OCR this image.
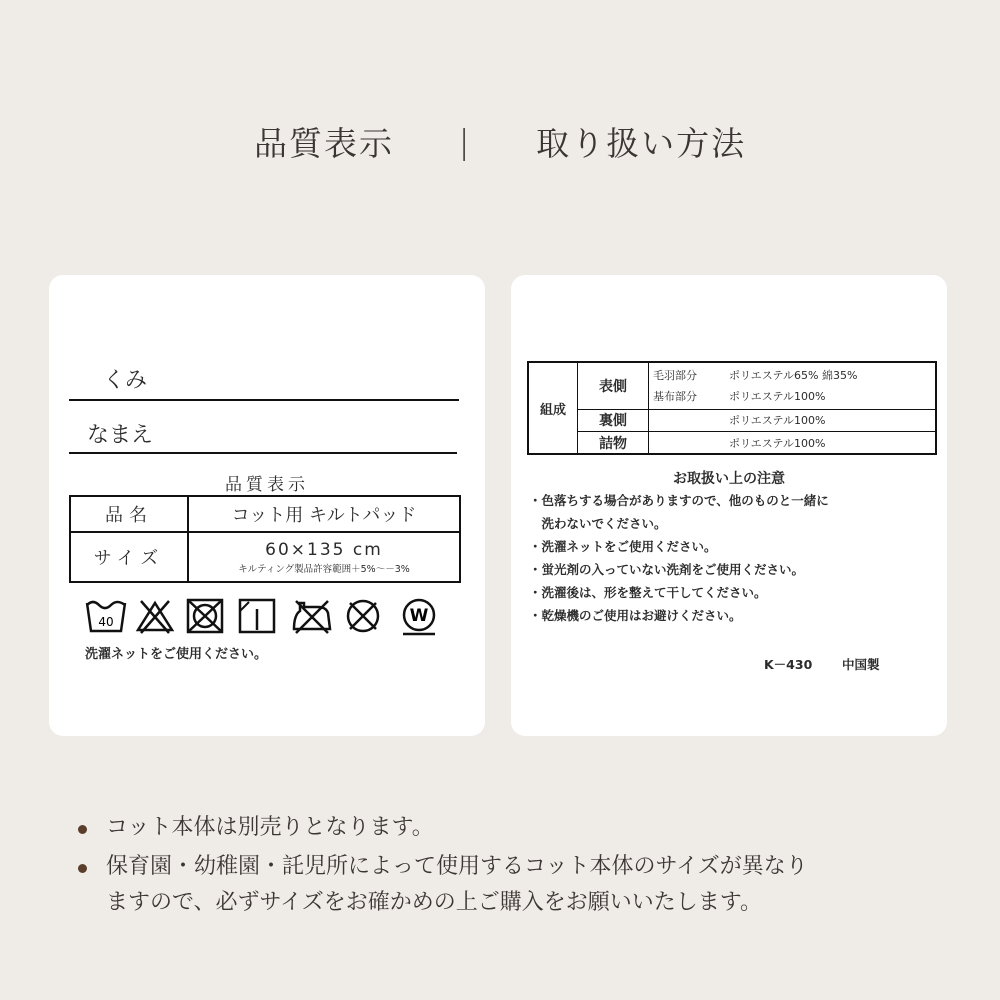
品質表示 | 取り扱い方法
くみ
なまえ
品質表示
品名	コット用 キルトパッド
サイズ	60×135 cm
キルティング製品許容範囲＋5%〜－3%
40	W
洗濯ネットをご使用ください。
組成	表側	毛羽部分 ポリエステル65% 綿35%
基布部分 ポリエステル100%

	裏側	ポリエステル100%
	詰物	ポリエステル100%
お取扱い上の注意
・色落ちする場合がありますので、他のものと一緒に
　洗わないでください。
・洗濯ネットをご使用ください。
・蛍光剤の入っていない洗剤をご使用ください。
・洗濯後は、形を整えて干してください。
・乾燥機のご使用はお避けください。
K－430 中国製
コット本体は別売りとなります。
保育園・幼稚園・託児所によって使用するコット本体のサイズが異なり
ますので、必ずサイズをお確かめの上ご購入をお願いいたします。
